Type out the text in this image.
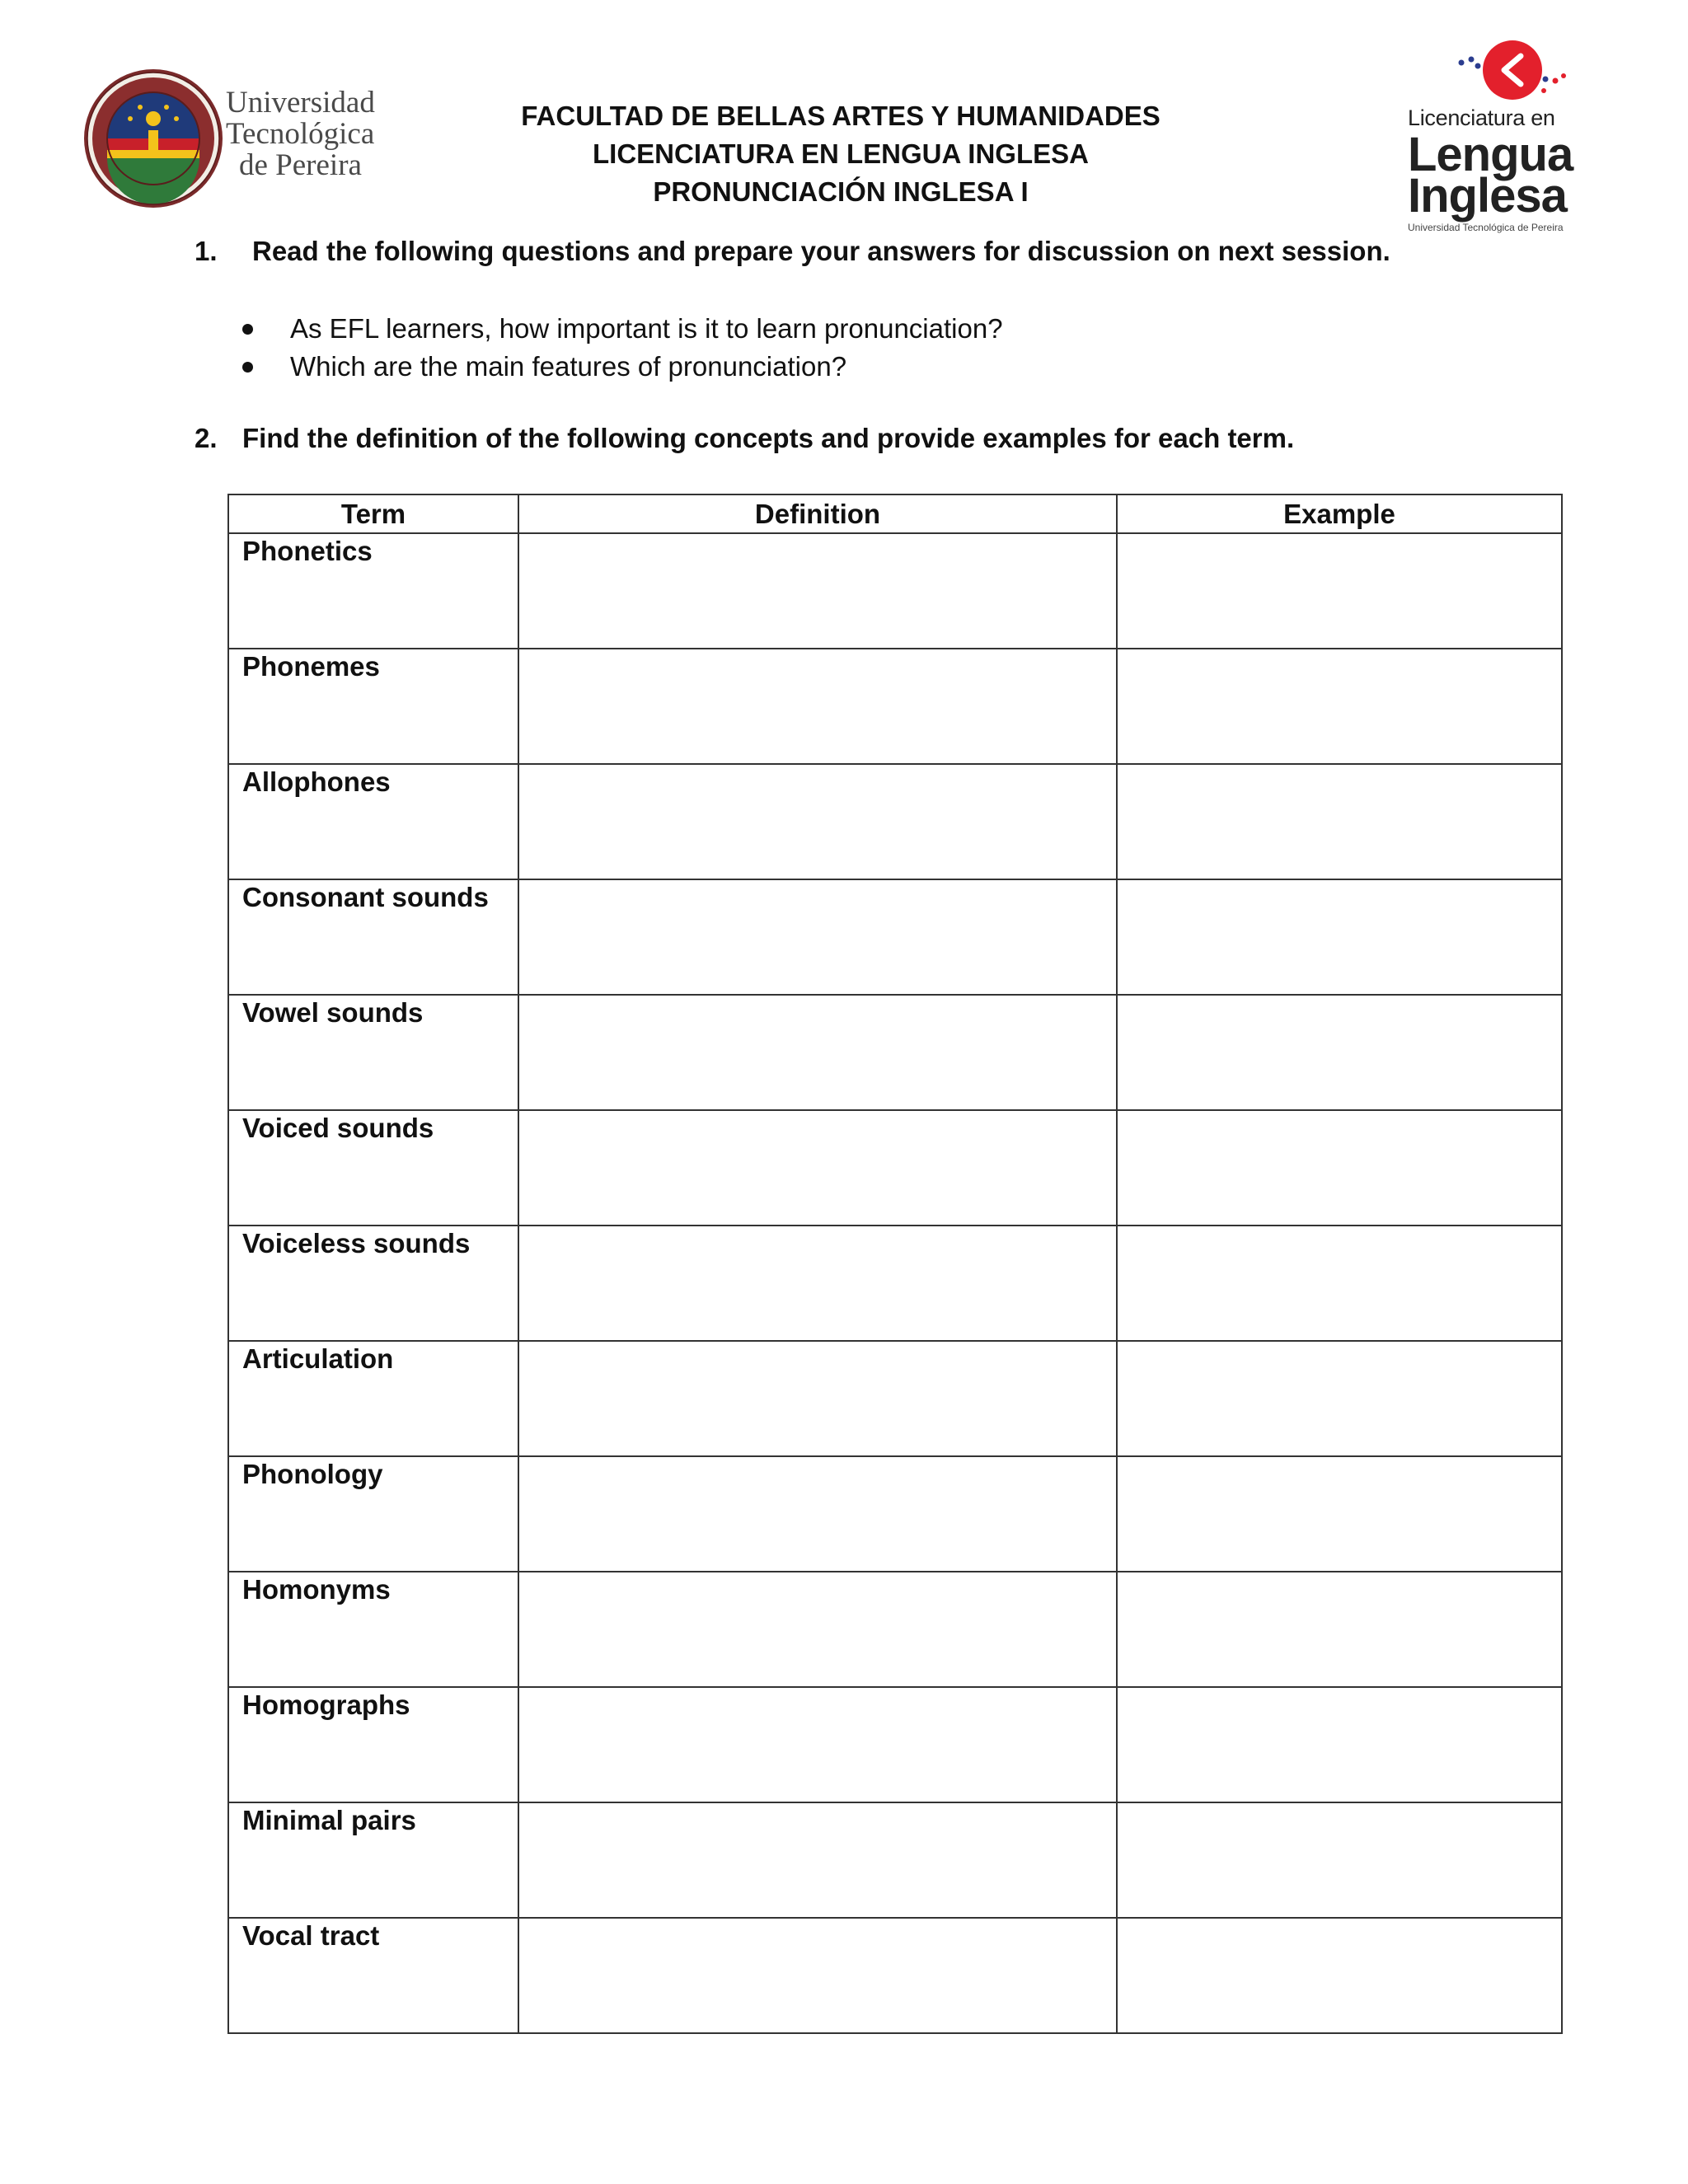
Universidad
Tecnológica
de Pereira
FACULTAD DE BELLAS ARTES Y HUMANIDADES
LICENCIATURA EN LENGUA INGLESA
PRONUNCIACIÓN INGLESA I
Licenciatura en
Lengua
Inglesa
Universidad Tecnológica de Pereira
1. Read the following questions and prepare your answers for discussion on next session.
As EFL learners, how important is it to learn pronunciation?
Which are the main features of pronunciation?
2. Find the definition of the following concepts and provide examples for each term.
Term	Definition	Example
Phonetics		
Phonemes		
Allophones		
Consonant sounds		
Vowel sounds		
Voiced sounds		
Voiceless sounds		
Articulation		
Phonology		
Homonyms		
Homographs		
Minimal pairs		
Vocal tract		
